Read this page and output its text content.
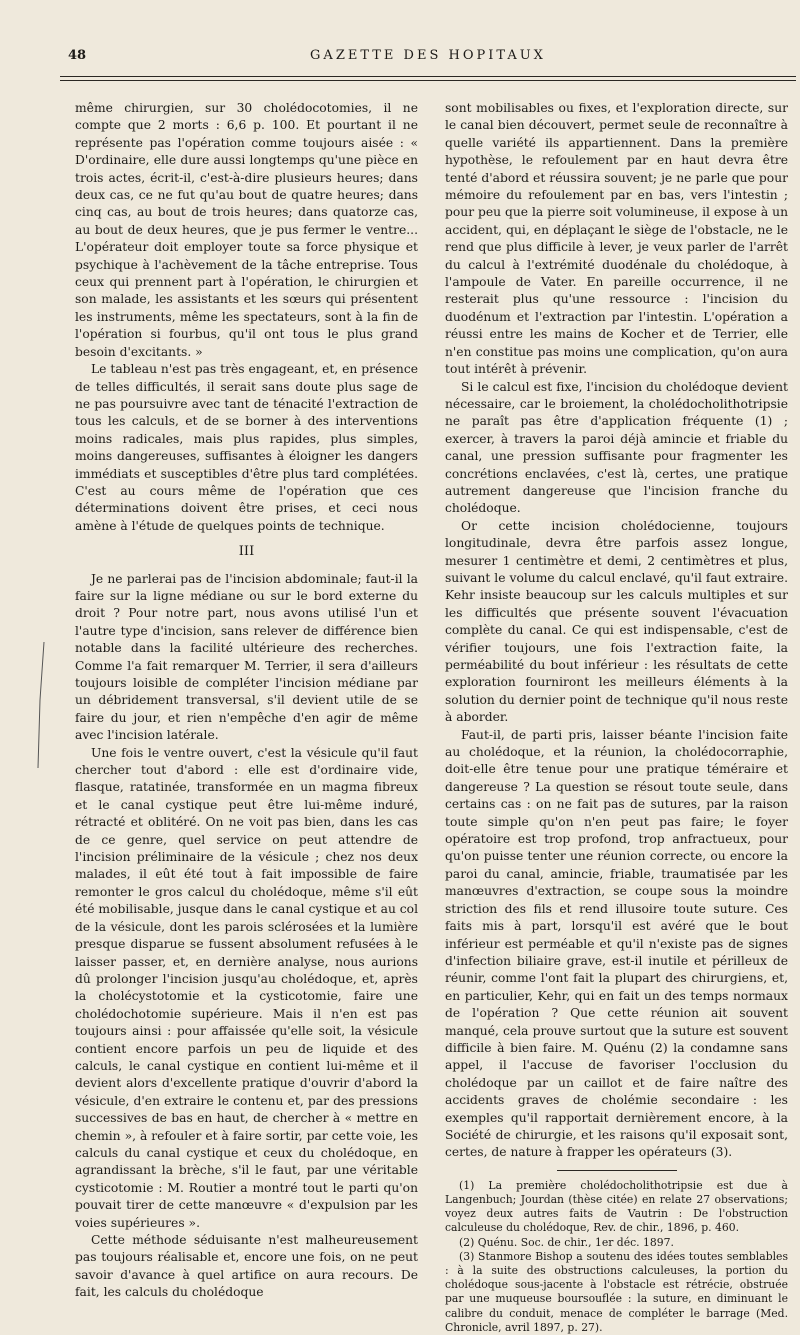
48	GAZETTE DES HOPITAUX

même chirurgien, sur 30 cholédocotomies, il ne compte que 2 morts : 6,6 p. 100. Et pourtant il ne représente pas l'opération comme toujours aisée : « D'ordinaire, elle dure aussi longtemps qu'une pièce en trois actes, écrit-il, c'est-à-dire plusieurs heures; dans deux cas, ce ne fut qu'au bout de quatre heures; dans cinq cas, au bout de trois heures; dans quatorze cas, au bout de deux heures, que je pus fermer le ventre... L'opérateur doit employer toute sa force physique et psychique à l'achèvement de la tâche entreprise. Tous ceux qui prennent part à l'opération, le chirurgien et son malade, les assistants et les sœurs qui présentent les instruments, même les spectateurs, sont à la fin de l'opération si fourbus, qu'il ont tous le plus grand besoin d'excitants. »

Le tableau n'est pas très engageant, et, en présence de telles difficultés, il serait sans doute plus sage de ne pas poursuivre avec tant de ténacité l'extraction de tous les calculs, et de se borner à des interventions moins radicales, mais plus rapides, plus simples, moins dangereuses, suffisantes à éloigner les dangers immédiats et susceptibles d'être plus tard complétées. C'est au cours même de l'opération que ces déterminations doivent être prises, et ceci nous amène à l'étude de quelques points de technique.

III

Je ne parlerai pas de l'incision abdominale; faut-il la faire sur la ligne médiane ou sur le bord externe du droit ? Pour notre part, nous avons utilisé l'un et l'autre type d'incision, sans relever de différence bien notable dans la facilité ultérieure des recherches. Comme l'a fait remarquer M. Terrier, il sera d'ailleurs toujours loisible de compléter l'incision médiane par un débridement transversal, s'il devient utile de se faire du jour, et rien n'empêche d'en agir de même avec l'incision latérale.

Une fois le ventre ouvert, c'est la vésicule qu'il faut chercher tout d'abord : elle est d'ordinaire vide, flasque, ratatinée, transformée en un magma fibreux et le canal cystique peut être lui-même induré, rétracté et oblitéré. On ne voit pas bien, dans les cas de ce genre, quel service on peut attendre de l'incision préliminaire de la vésicule ; chez nos deux malades, il eût été tout à fait impossible de faire remonter le gros calcul du cholédoque, même s'il eût été mobilisable, jusque dans le canal cystique et au col de la vésicule, dont les parois sclérosées et la lumière presque disparue se fussent absolument refusées à le laisser passer, et, en dernière analyse, nous aurions dû prolonger l'incision jusqu'au cholédoque, et, après la cholécystotomie et la cysticotomie, faire une cholédochotomie supérieure. Mais il n'en est pas toujours ainsi : pour affaissée qu'elle soit, la vésicule contient encore parfois un peu de liquide et des calculs, le canal cystique en contient lui-même et il devient alors d'excellente pratique d'ouvrir d'abord la vésicule, d'en extraire le contenu et, par des pressions successives de bas en haut, de chercher à « mettre en chemin », à refouler et à faire sortir, par cette voie, les calculs du canal cystique et ceux du cholédoque, en agrandissant la brèche, s'il le faut, par une véritable cysticotomie : M. Routier a montré tout le parti qu'on pouvait tirer de cette manœuvre « d'expulsion par les voies supérieures ».

Cette méthode séduisante n'est malheureusement pas toujours réalisable et, encore une fois, on ne peut savoir d'avance à quel artifice on aura recours. De fait, les calculs du cholédoque

sont mobilisables ou fixes, et l'exploration directe, sur le canal bien découvert, permet seule de reconnaître à quelle variété ils appartiennent. Dans la première hypothèse, le refoulement par en haut devra être tenté d'abord et réussira souvent; je ne parle que pour mémoire du refoulement par en bas, vers l'intestin ; pour peu que la pierre soit volumineuse, il expose à un accident, qui, en déplaçant le siège de l'obstacle, ne le rend que plus difficile à lever, je veux parler de l'arrêt du calcul à l'extrémité duodénale du cholédoque, à l'ampoule de Vater. En pareille occurrence, il ne resterait plus qu'une ressource : l'incision du duodénum et l'extraction par l'intestin. L'opération a réussi entre les mains de Kocher et de Terrier, elle n'en constitue pas moins une complication, qu'on aura tout intérêt à prévenir.

Si le calcul est fixe, l'incision du cholédoque devient nécessaire, car le broiement, la cholédocholithotripsie ne paraît pas être d'application fréquente (1) ; exercer, à travers la paroi déjà amincie et friable du canal, une pression suffisante pour fragmenter les concrétions enclavées, c'est là, certes, une pratique autrement dangereuse que l'incision franche du cholédoque.

Or cette incision cholédocienne, toujours longitudinale, devra être parfois assez longue, mesurer 1 centimètre et demi, 2 centimètres et plus, suivant le volume du calcul enclavé, qu'il faut extraire. Kehr insiste beaucoup sur les calculs multiples et sur les difficultés que présente souvent l'évacuation complète du canal. Ce qui est indispensable, c'est de vérifier toujours, une fois l'extraction faite, la perméabilité du bout inférieur : les résultats de cette exploration fourniront les meilleurs éléments à la solution du dernier point de technique qu'il nous reste à aborder.

Faut-il, de parti pris, laisser béante l'incision faite au cholédoque, et la réunion, la cholédocorraphie, doit-elle être tenue pour une pratique téméraire et dangereuse ? La question se résout toute seule, dans certains cas : on ne fait pas de sutures, par la raison toute simple qu'on n'en peut pas faire; le foyer opératoire est trop profond, trop anfractueux, pour qu'on puisse tenter une réunion correcte, ou encore la paroi du canal, amincie, friable, traumatisée par les manœuvres d'extraction, se coupe sous la moindre striction des fils et rend illusoire toute suture. Ces faits mis à part, lorsqu'il est avéré que le bout inférieur est perméable et qu'il n'existe pas de signes d'infection biliaire grave, est-il inutile et périlleux de réunir, comme l'ont fait la plupart des chirurgiens, et, en particulier, Kehr, qui en fait un des temps normaux de l'opération ? Que cette réunion ait souvent manqué, cela prouve surtout que la suture est souvent difficile à bien faire. M. Quénu (2) la condamne sans appel, il l'accuse de favoriser l'occlusion du cholédoque par un caillot et de faire naître des accidents graves de cholémie secondaire : les exemples qu'il rapportait dernièrement encore, à la Société de chirurgie, et les raisons qu'il exposait sont, certes, de nature à frapper les opérateurs (3).

(1) La première cholédocholithotripsie est due à Langenbuch; Jourdan (thèse citée) en relate 27 observations; voyez deux autres faits de Vautrin : De l'obstruction calculeuse du cholédoque, Rev. de chir., 1896, p. 460.

(2) Quénu. Soc. de chir., 1er déc. 1897.

(3) Stanmore Bishop a soutenu des idées toutes semblables : à la suite des obstructions calculeuses, la portion du cholédoque sous-jacente à l'obstacle est rétrécie, obstruée par une muqueuse boursouflée : la suture, en diminuant le calibre du conduit, menace de compléter le barrage (Med. Chronicle, avril 1897, p. 27).
